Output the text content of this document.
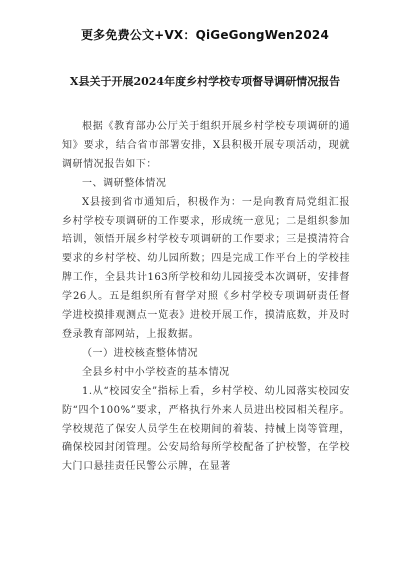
更多免费公文+VX：QiGeGongWen2024
X县关于开展2024年度乡村学校专项督导调研情况报告

根据《教育部办公厅关于组织开展乡村学校专项调研的通知》要求，结合省市部署安排，X县积极开展专项活动，现就调研情况报告如下：

一、调研整体情况

X县接到省市通知后，积极作为：一是向教育局党组汇报乡村学校专项调研的工作要求，形成统一意见；二是组织参加培训，领悟开展乡村学校专项调研的工作要求；三是摸清符合要求的乡村学校、幼儿园所数；四是完成工作平台上的学校挂牌工作，全县共计163所学校和幼儿园接受本次调研，安排督学26人。五是组织所有督学对照《乡村学校专项调研责任督学进校摸排观测点一览表》进校开展工作，摸清底数，并及时登录教育部网站，上报数据。

（一）进校核查整体情况

全县乡村中小学校查的基本情况

1.从“校园安全”指标上看，乡村学校、幼儿园落实校园安防“四个100%”要求，严格执行外来人员进出校园相关程序。学校规范了保安人员学生在校期间的着装、持械上岗等管理，确保校园封闭管理。公安局给每所学校配备了护校警，在学校大门口悬挂责任民警公示牌，在显著
